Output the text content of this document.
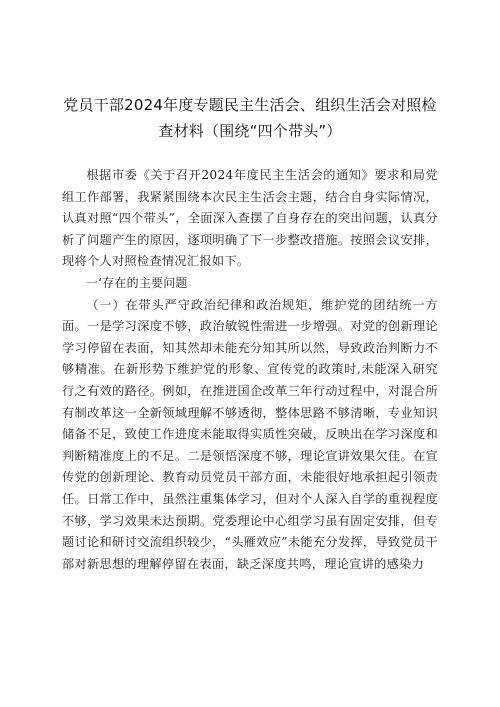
党员干部2024年度专题民主生活会、组织生活会对照检查材料（围绕“四个带头”）

根据市委《关于召开2024年度民主生活会的通知》要求和局党组工作部署，我紧紧围绕本次民主生活会主题，结合自身实际情况，认真对照“四个带头”，全面深入查摆了自身存在的突出问题，认真分析了问题产生的原因，逐项明确了下一步整改措施。按照会议安排，现将个人对照检查情况汇报如下。

一‘存在的主要问题

（一）在带头严守政治纪律和政治规矩，维护党的团结统一方面。一是学习深度不够，政治敏锐性需进一步增强。对党的创新理论学习停留在表面，知其然却未能充分知其所以然，导致政治判断力不够精准。在新形势下维护党的形象、宣传党的政策时,未能深入研究行之有效的路径。例如，在推进国企改革三年行动过程中，对混合所有制改革这一全新领域理解不够透彻，整体思路不够清晰，专业知识储备不足，致使工作进度未能取得实质性突破，反映出在学习深度和判断精准度上的不足。二是领悟深度不够，理论宣讲效果欠佳。在宣传党的创新理论、教育动员党员干部方面，未能很好地承担起引领责任。日常工作中，虽然注重集体学习，但对个人深入自学的重视程度不够，学习效果未达预期。党委理论中心组学习虽有固定安排，但专题讨论和研讨交流组织较少，“头雁效应”未能充分发挥，导致党员干部对新思想的理解停留在表面，缺乏深度共鸣，理论宣讲的感染力
